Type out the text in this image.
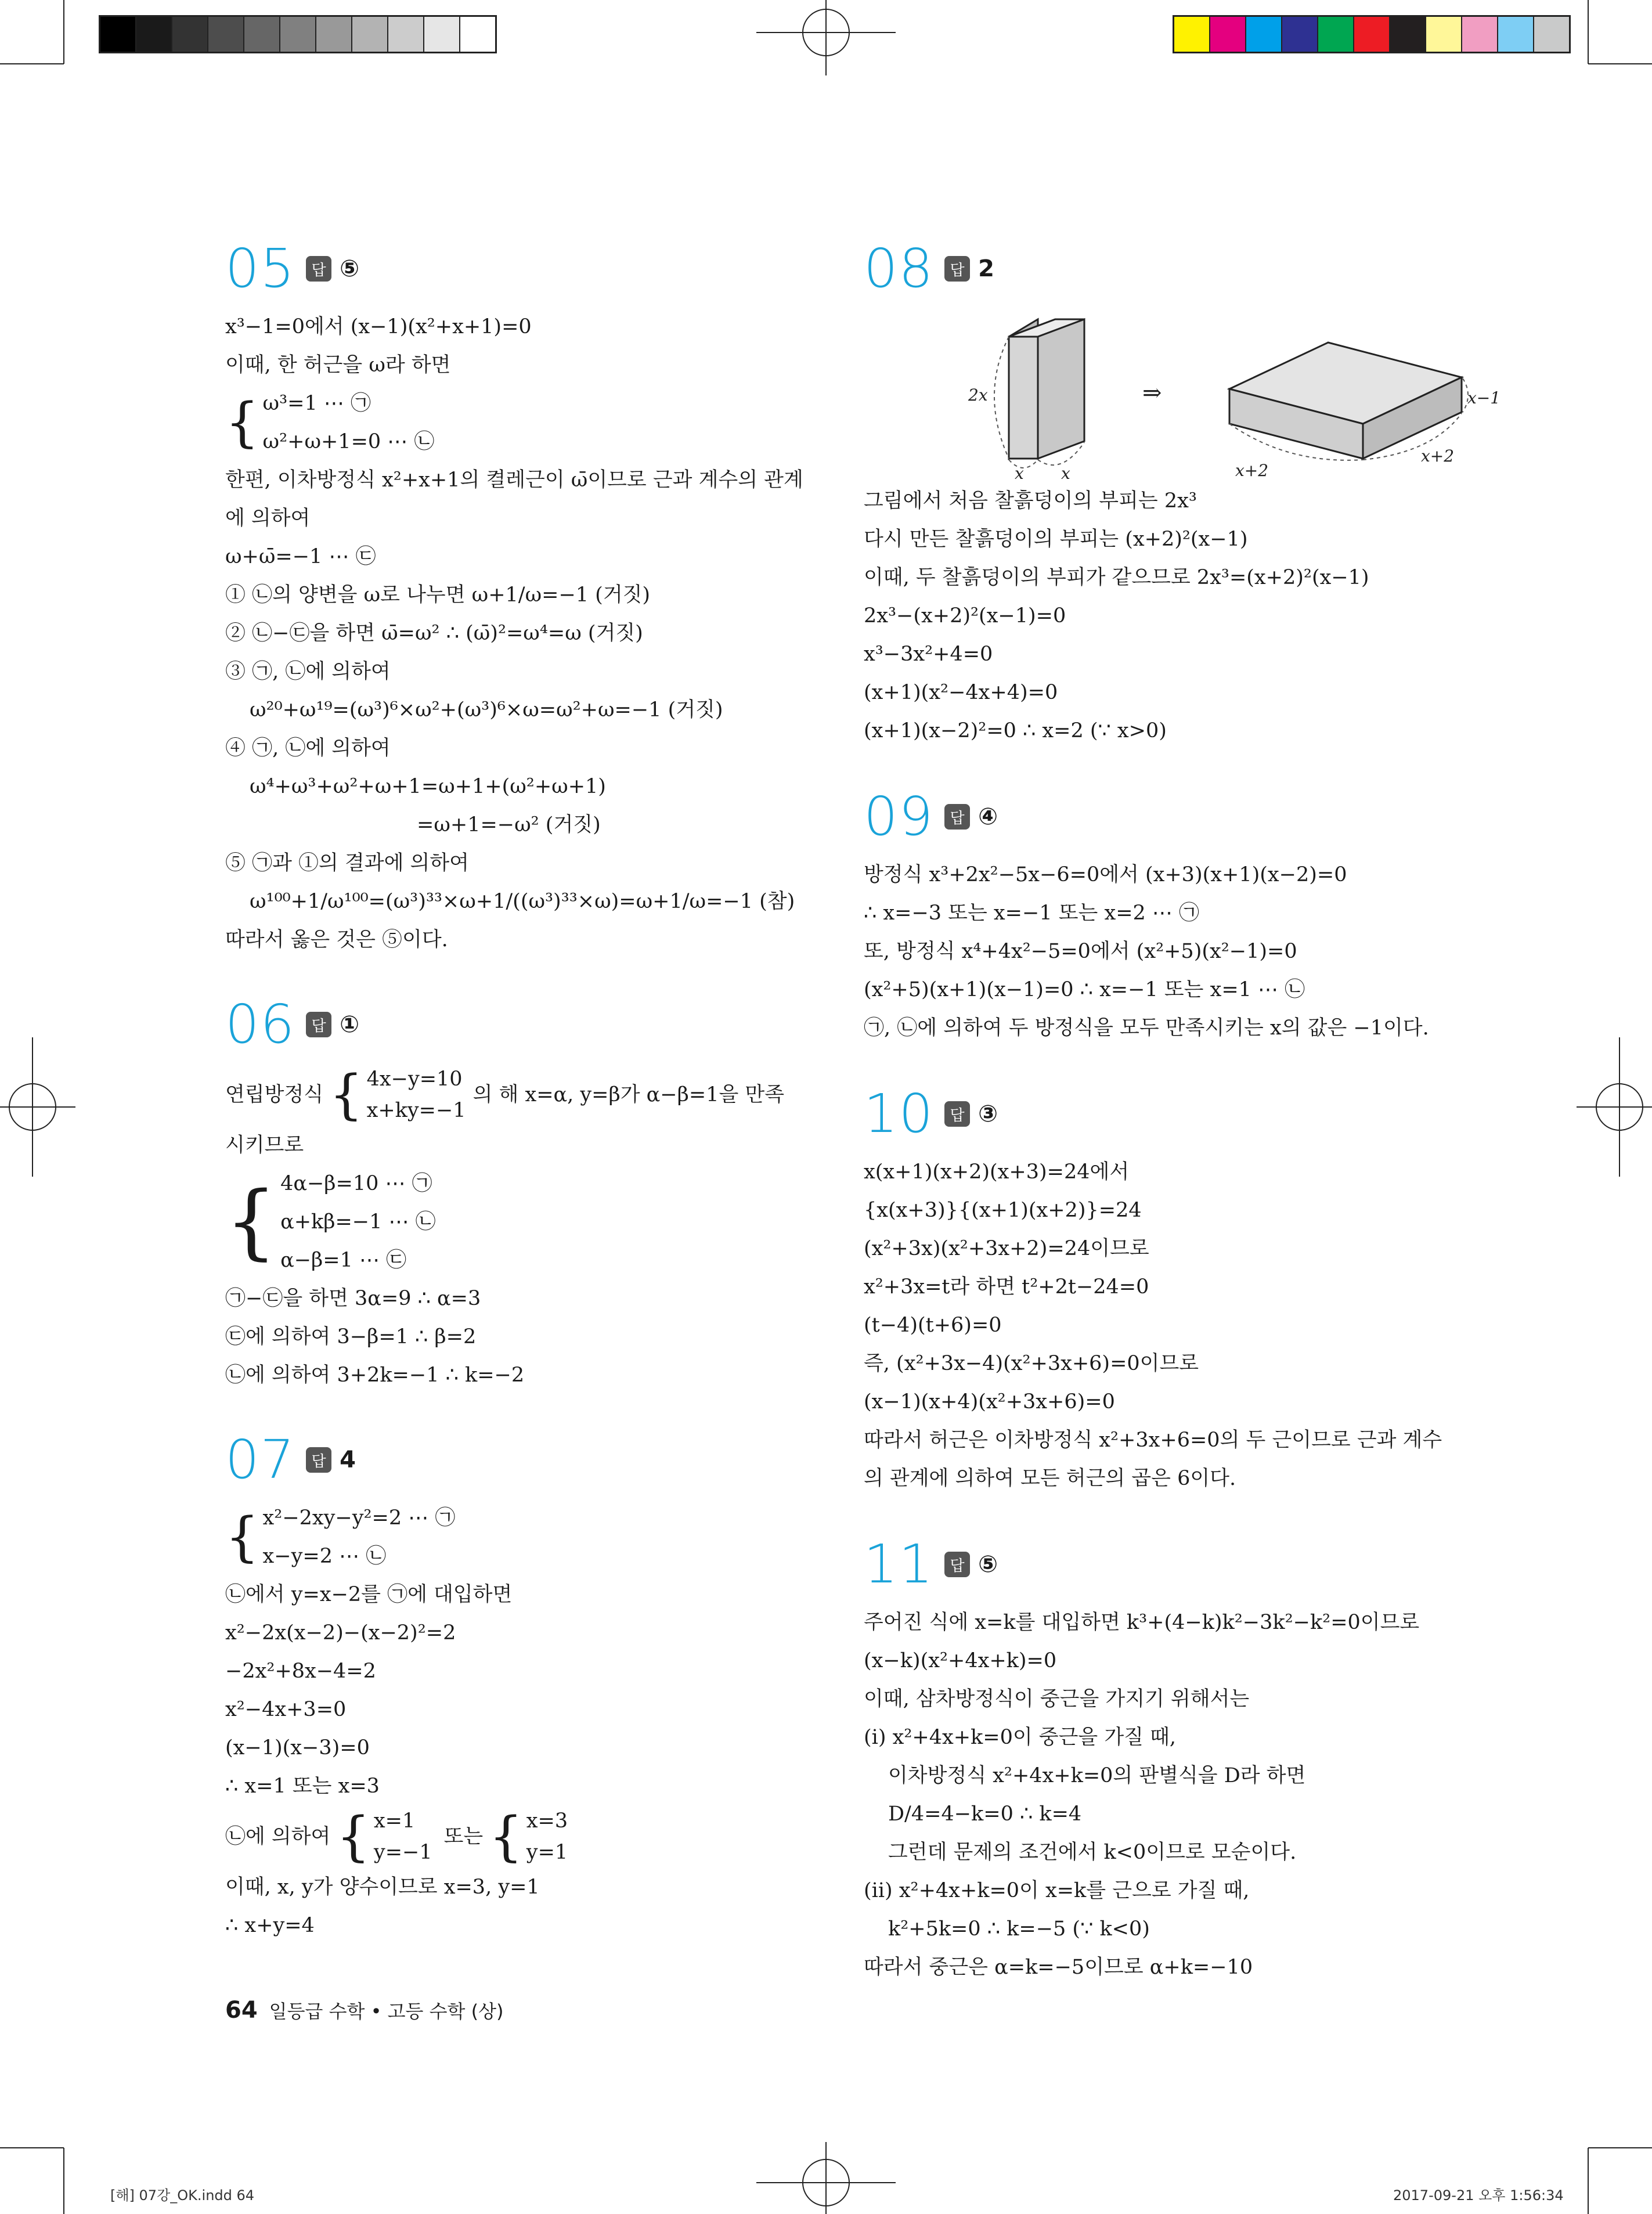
05	답 ⑤
x³−1=0에서 (x−1)(x²+x+1)=0
이때, 한 허근을 ω라 하면
{ ω³=1 ⋯ ㉠
ω²+ω+1=0 ⋯ ㉡
한편, 이차방정식 x²+x+1의 켤레근이 ω̄이므로 근과 계수의 관계
에 의하여
ω+ω̄=−1 ⋯ ㉢
① ㉡의 양변을 ω로 나누면 ω+1/ω=−1 (거짓)
② ㉡−㉢을 하면 ω̄=ω² ∴ (ω̄)²=ω⁴=ω (거짓)
③ ㉠, ㉡에 의하여
ω²⁰+ω¹⁹=(ω³)⁶×ω²+(ω³)⁶×ω=ω²+ω=−1 (거짓)
④ ㉠, ㉡에 의하여
ω⁴+ω³+ω²+ω+1=ω+1+(ω²+ω+1)
=ω+1=−ω² (거짓)
⑤ ㉠과 ①의 결과에 의하여
ω¹⁰⁰+1/ω¹⁰⁰=(ω³)³³×ω+1/((ω³)³³×ω)=ω+1/ω=−1 (참)
따라서 옳은 것은 ⑤이다.
06	답 ①
연립방정식 { 4x−y=10
x+ky=−1
의 해 x=α, y=β가 α−β=1을 만족
시키므로
{ 4α−β=10 ⋯ ㉠
α+kβ=−1 ⋯ ㉡
α−β=1 ⋯ ㉢
㉠−㉢을 하면 3α=9 ∴ α=3
㉢에 의하여 3−β=1 ∴ β=2
㉡에 의하여 3+2k=−1 ∴ k=−2
07	답 4
{ x²−2xy−y²=2 ⋯ ㉠
x−y=2 ⋯ ㉡
㉡에서 y=x−2를 ㉠에 대입하면
x²−2x(x−2)−(x−2)²=2
−2x²+8x−4=2
x²−4x+3=0
(x−1)(x−3)=0
∴ x=1 또는 x=3
㉡에 의하여 { x=1
y=−1
또는 { x=3
y=1
이때, x, y가 양수이므로 x=3, y=1
∴ x+y=4
08	답 2
2x
x x
⇒	x−1
x+2
x+2
그림에서 처음 찰흙덩이의 부피는 2x³
다시 만든 찰흙덩이의 부피는 (x+2)²(x−1)
이때, 두 찰흙덩이의 부피가 같으므로 2x³=(x+2)²(x−1)
2x³−(x+2)²(x−1)=0
x³−3x²+4=0
(x+1)(x²−4x+4)=0
(x+1)(x−2)²=0 ∴ x=2 (∵ x>0)
09	답 ④
방정식 x³+2x²−5x−6=0에서 (x+3)(x+1)(x−2)=0
∴ x=−3 또는 x=−1 또는 x=2 ⋯ ㉠
또, 방정식 x⁴+4x²−5=0에서 (x²+5)(x²−1)=0
(x²+5)(x+1)(x−1)=0 ∴ x=−1 또는 x=1 ⋯ ㉡
㉠, ㉡에 의하여 두 방정식을 모두 만족시키는 x의 값은 −1이다.
10	답 ③
x(x+1)(x+2)(x+3)=24에서
{x(x+3)}{(x+1)(x+2)}=24
(x²+3x)(x²+3x+2)=24이므로
x²+3x=t라 하면 t²+2t−24=0
(t−4)(t+6)=0
즉, (x²+3x−4)(x²+3x+6)=0이므로
(x−1)(x+4)(x²+3x+6)=0
따라서 허근은 이차방정식 x²+3x+6=0의 두 근이므로 근과 계수
의 관계에 의하여 모든 허근의 곱은 6이다.
11	답 ⑤
주어진 식에 x=k를 대입하면 k³+(4−k)k²−3k²−k²=0이므로
(x−k)(x²+4x+k)=0
이때, 삼차방정식이 중근을 가지기 위해서는
(ⅰ) x²+4x+k=0이 중근을 가질 때,
이차방정식 x²+4x+k=0의 판별식을 D라 하면
D/4=4−k=0 ∴ k=4
그런데 문제의 조건에서 k<0이므로 모순이다.
(ⅱ) x²+4x+k=0이 x=k를 근으로 가질 때,
k²+5k=0 ∴ k=−5 (∵ k<0)
따라서 중근은 α=k=−5이므로 α+k=−10
64 일등급 수학 • 고등 수학 (상)
[해] 07강_OK.indd 64	2017-09-21 오후 1:56:34
